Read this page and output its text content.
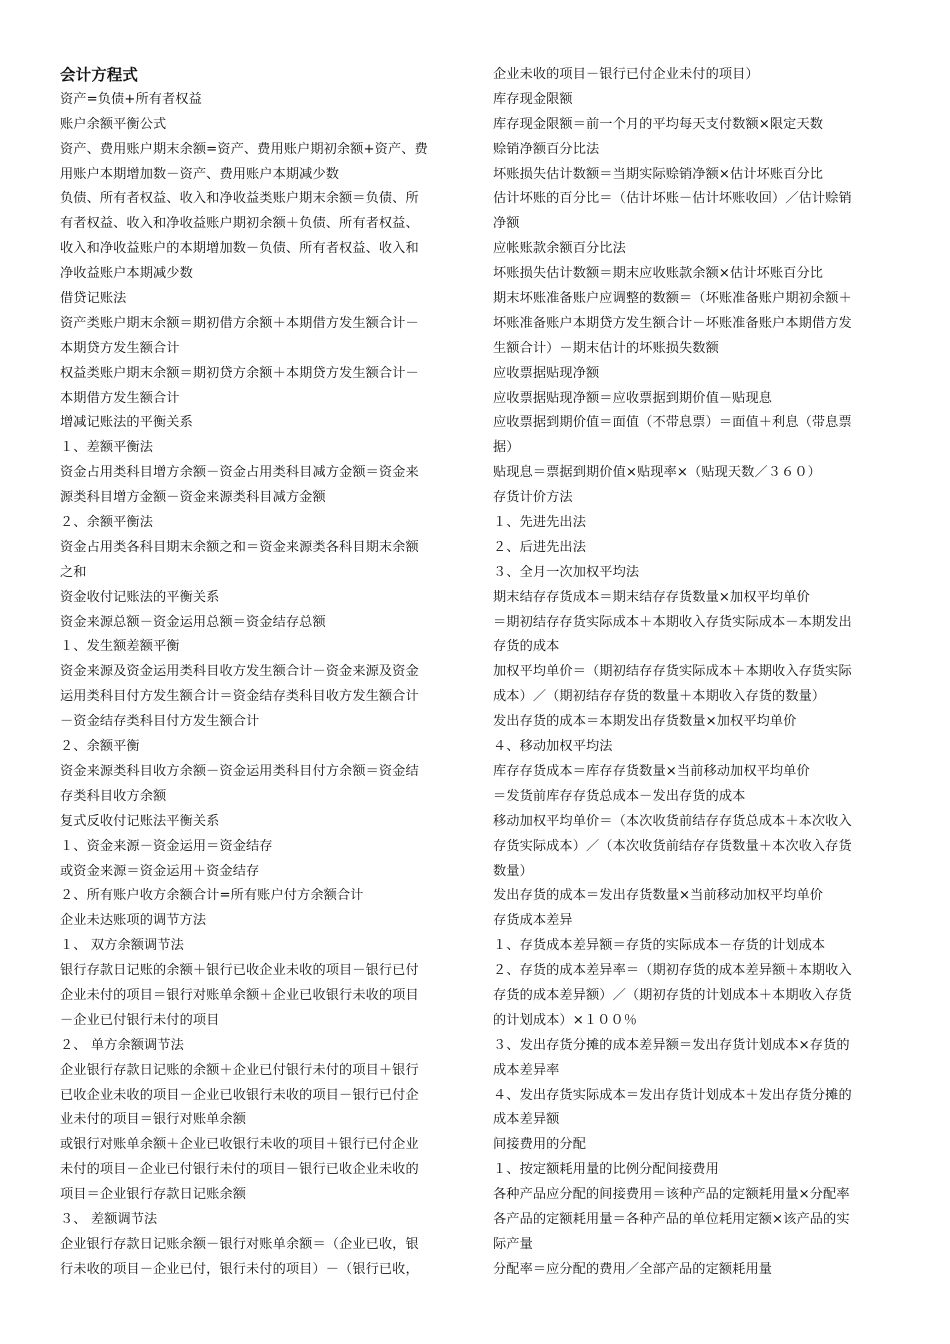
会计方程式
资产=负债+所有者权益
账户余额平衡公式
资产、费用账户期末余额=资产、费用账户期初余额+资产、费
用账户本期增加数－资产、费用账户本期减少数
负债、所有者权益、收入和净收益类账户期末余额＝负债、所
有者权益、收入和净收益账户期初余额＋负债、所有者权益、
收入和净收益账户的本期增加数－负债、所有者权益、收入和
净收益账户本期减少数
借贷记账法
资产类账户期末余额＝期初借方余额＋本期借方发生额合计－
本期贷方发生额合计
权益类账户期末余额＝期初贷方余额＋本期贷方发生额合计－
本期借方发生额合计
增减记账法的平衡关系
１、差额平衡法
资金占用类科目增方余额－资金占用类科目减方金额＝资金来
源类科目增方金额－资金来源类科目减方金额
２、余额平衡法
资金占用类各科目期末余额之和＝资金来源类各科目期末余额
之和
资金收付记账法的平衡关系
资金来源总额－资金运用总额＝资金结存总额
１、发生额差额平衡
资金来源及资金运用类科目收方发生额合计－资金来源及资金
运用类科目付方发生额合计＝资金结存类科目收方发生额合计
－资金结存类科目付方发生额合计
２、余额平衡
资金来源类科目收方余额－资金运用类科目付方余额＝资金结
存类科目收方余额
复式反收付记账法平衡关系
１、资金来源－资金运用＝资金结存
或资金来源＝资金运用＋资金结存
２、所有账户收方余额合计=所有账户付方余额合计
企业未达账项的调节方法
１、 双方余额调节法
银行存款日记账的余额＋银行已收企业未收的项目－银行已付
企业未付的项目＝银行对账单余额＋企业已收银行未收的项目
－企业已付银行未付的项目
２、 单方余额调节法
企业银行存款日记账的余额＋企业已付银行未付的项目＋银行
已收企业未收的项目－企业已收银行未收的项目－银行已付企
业未付的项目＝银行对账单余额
或银行对账单余额＋企业已收银行未收的项目＋银行已付企业
未付的项目－企业已付银行未付的项目－银行已收企业未收的
项目＝企业银行存款日记账余额
３、 差额调节法
企业银行存款日记账余额－银行对账单余额＝（企业已收，银
行未收的项目－企业已付，银行未付的项目）－（银行已收，
企业未收的项目－银行已付企业未付的项目）
库存现金限额
库存现金限额＝前一个月的平均每天支付数额×限定天数
赊销净额百分比法
坏账损失估计数额＝当期实际赊销净额×估计坏账百分比
估计坏账的百分比＝（估计坏账－估计坏账收回）／估计赊销
净额
应帐账款余额百分比法
坏账损失估计数额＝期末应收账款余额×估计坏账百分比
期末坏账准备账户应调整的数额＝（坏账准备账户期初余额＋
坏账准备账户本期贷方发生额合计－坏账准备账户本期借方发
生额合计）－期末估计的坏账损失数额
应收票据贴现净额
应收票据贴现净额＝应收票据到期价值－贴现息
应收票据到期价值＝面值（不带息票）＝面值＋利息（带息票
据）
贴现息＝票据到期价值×贴现率×（贴现天数／３６０）
存货计价方法
１、先进先出法
２、后进先出法
３、全月一次加权平均法
期末结存存货成本＝期末结存存货数量×加权平均单价
＝期初结存存货实际成本＋本期收入存货实际成本－本期发出
存货的成本
加权平均单价＝（期初结存存货实际成本＋本期收入存货实际
成本）／（期初结存存货的数量＋本期收入存货的数量）
发出存货的成本＝本期发出存货数量×加权平均单价
４、移动加权平均法
库存存货成本＝库存存货数量×当前移动加权平均单价
＝发货前库存存货总成本－发出存货的成本
移动加权平均单价＝（本次收货前结存存货总成本＋本次收入
存货实际成本）／（本次收货前结存存货数量＋本次收入存货
数量）
发出存货的成本＝发出存货数量×当前移动加权平均单价
存货成本差异
１、存货成本差异额＝存货的实际成本－存货的计划成本
２、存货的成本差异率＝（期初存货的成本差异额＋本期收入
存货的成本差异额）／（期初存货的计划成本＋本期收入存货
的计划成本）×１００％
３、发出存货分摊的成本差异额＝发出存货计划成本×存货的
成本差异率
４、发出存货实际成本＝发出存货计划成本＋发出存货分摊的
成本差异额
间接费用的分配
１、按定额耗用量的比例分配间接费用
各种产品应分配的间接费用＝该种产品的定额耗用量×分配率
各产品的定额耗用量＝各种产品的单位耗用定额×该产品的实
际产量
分配率＝应分配的费用／全部产品的定额耗用量
